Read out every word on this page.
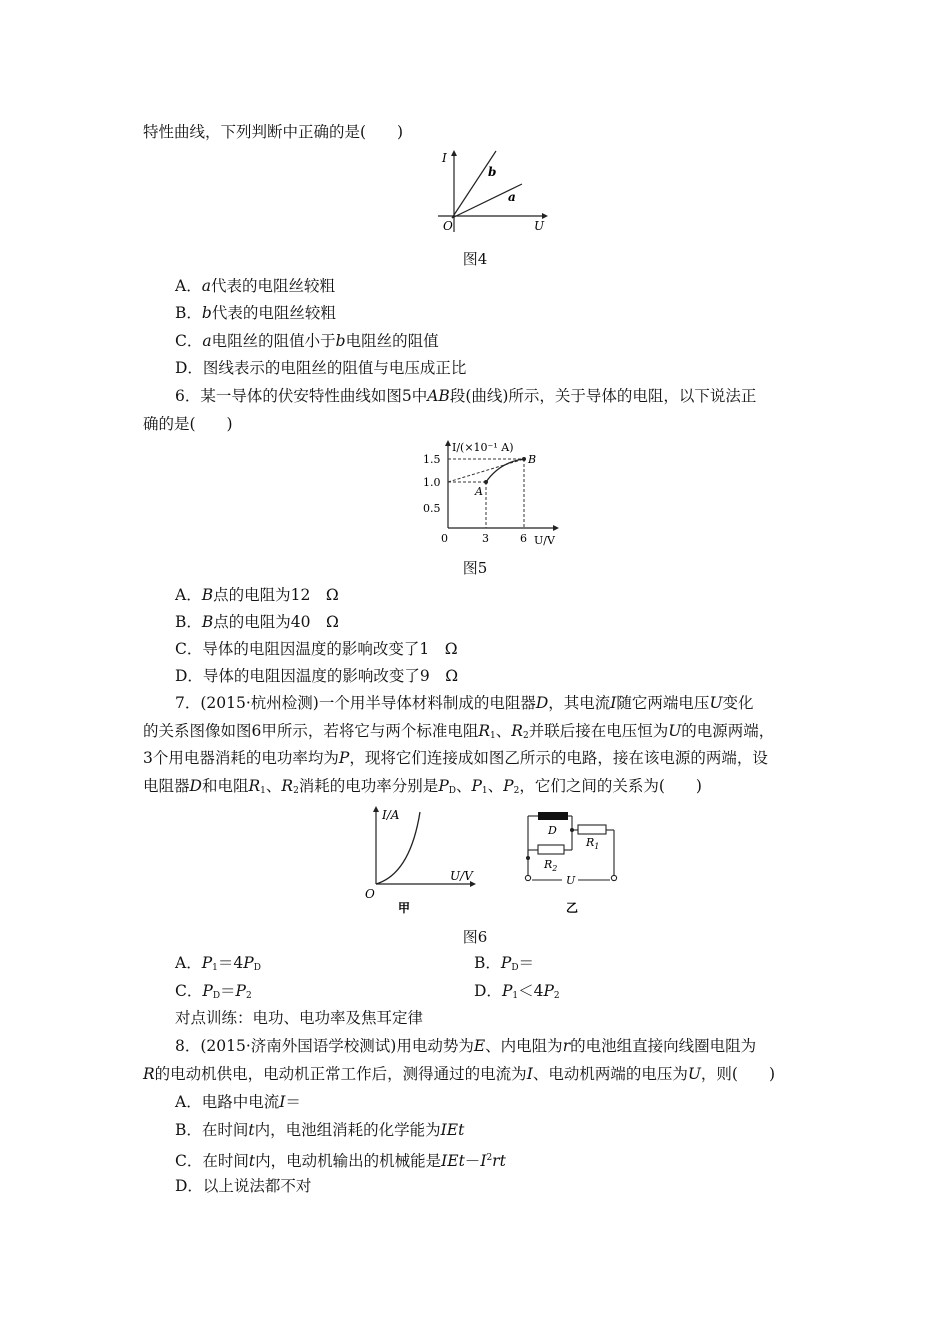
特性曲线，下列判断中正确的是(　　)
I
U
O
b
a
图4
A．a代表的电阻丝较粗
B．b代表的电阻丝较粗
C．a电阻丝的阻值小于b电阻丝的阻值
D．图线表示的电阻丝的阻值与电压成正比
6．某一导体的伏安特性曲线如图5中AB段(曲线)所示，关于导体的电阻，以下说法正
确的是(　　)
I/(×10⁻¹ A)
1.5
1.0
0.5
0	3	6 U/V
A
B
图5
A．B点的电阻为12　Ω
B．B点的电阻为40　Ω
C．导体的电阻因温度的影响改变了1　Ω
D．导体的电阻因温度的影响改变了9　Ω
7．(2015·杭州检测)一个用半导体材料制成的电阻器D，其电流I随它两端电压U变化
的关系图像如图6甲所示，若将它与两个标准电阻$R_1$、$R_2$并联后接在电压恒为U的电源两端，
3个用电器消耗的电功率均为P，现将它们连接成如图乙所示的电路，接在该电源的两端，设
电阻器D和电阻$R_1$、$R_2$消耗的电功率分别是$P_D$、$P_1$、$P_2$，它们之间的关系为(　　)
I/A
U/V
O
甲
D
$R_1$
$R_2$
U
乙
图6
A．$P_1=4P_D$	B．$P_D=$
C．$P_D=P_2$	D．$P_1<4P_2$
对点训练：电功、电功率及焦耳定律
8．(2015·济南外国语学校测试)用电动势为E、内电阻为r的电池组直接向线圈电阻为
R的电动机供电，电动机正常工作后，测得通过的电流为I、电动机两端的电压为U，则(　　)
A．电路中电流I＝
B．在时间t内，电池组消耗的化学能为IEt
C．在时间t内，电动机输出的机械能是$IEt-I^2rt$
D．以上说法都不对
